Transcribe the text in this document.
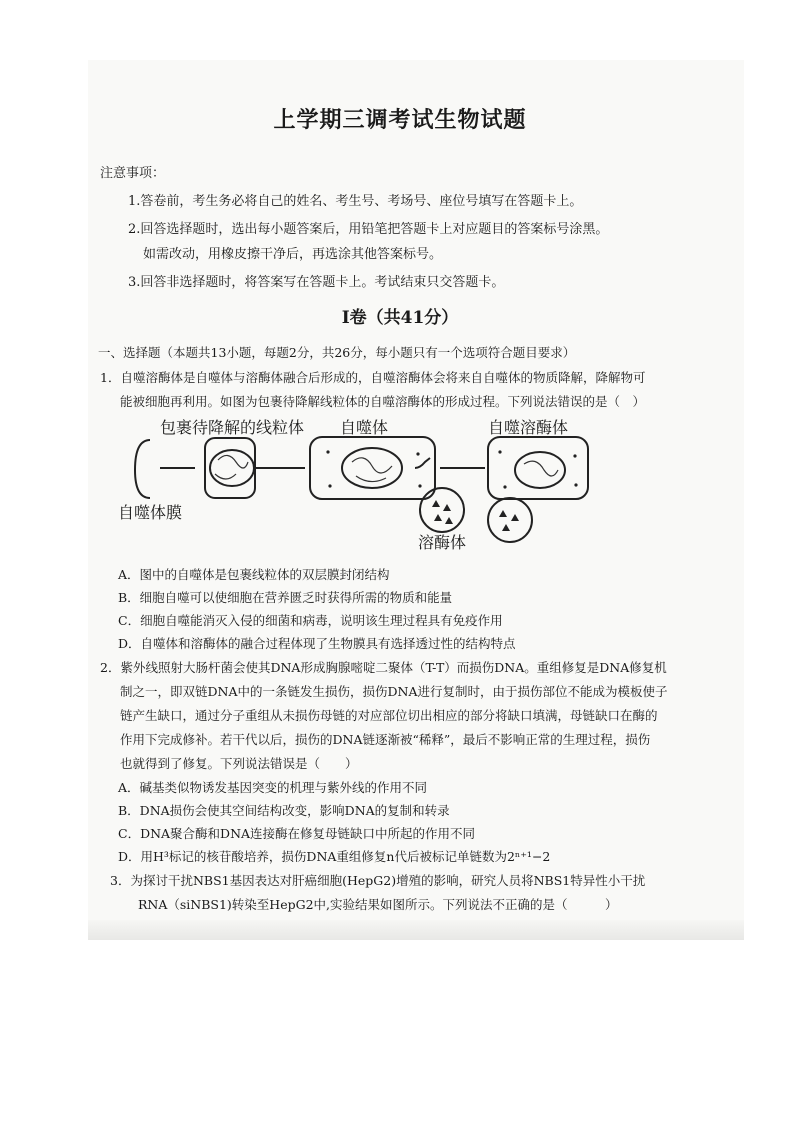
上学期三调考试生物试题
注意事项：
1.答卷前，考生务必将自己的姓名、考生号、考场号、座位号填写在答题卡上。
2.回答选择题时，选出每小题答案后，用铅笔把答题卡上对应题目的答案标号涂黑。
如需改动，用橡皮擦干净后，再选涂其他答案标号。
3.回答非选择题时，将答案写在答题卡上。考试结束只交答题卡。
Ⅰ卷（共41分）
一、选择题（本题共13小题，每题2分，共26分，每小题只有一个选项符合题目要求）
1．自噬溶酶体是自噬体与溶酶体融合后形成的，自噬溶酶体会将来自自噬体的物质降解，降解物可
能被细胞再利用。如图为包裹待降解线粒体的自噬溶酶体的形成过程。下列说法错误的是（　）
包裹待降解的线粒体 自噬体	自噬溶酶体
自噬体膜
溶酶体
A．图中的自噬体是包裹线粒体的双层膜封闭结构
B．细胞自噬可以使细胞在营养匮乏时获得所需的物质和能量
C．细胞自噬能消灭入侵的细菌和病毒，说明该生理过程具有免疫作用
D．自噬体和溶酶体的融合过程体现了生物膜具有选择透过性的结构特点
2．紫外线照射大肠杆菌会使其DNA形成胸腺嘧啶二聚体（T-T）而损伤DNA。重组修复是DNA修复机
制之一，即双链DNA中的一条链发生损伤，损伤DNA进行复制时，由于损伤部位不能成为模板使子
链产生缺口，通过分子重组从未损伤母链的对应部位切出相应的部分将缺口填满，母链缺口在酶的
作用下完成修补。若干代以后，损伤的DNA链逐渐被“稀释”，最后不影响正常的生理过程，损伤
也就得到了修复。下列说法错误是（　　）
A．碱基类似物诱发基因突变的机理与紫外线的作用不同
B．DNA损伤会使其空间结构改变，影响DNA的复制和转录
C．DNA聚合酶和DNA连接酶在修复母链缺口中所起的作用不同
D．用H³标记的核苷酸培养，损伤DNA重组修复n代后被标记单链数为2ⁿ⁺¹−2
3．为探讨干扰NBS1基因表达对肝癌细胞(HepG2)增殖的影响，研究人员将NBS1特异性小干扰
RNA（siNBS1)转染至HepG2中,实验结果如图所示。下列说法不正确的是（　　　）
